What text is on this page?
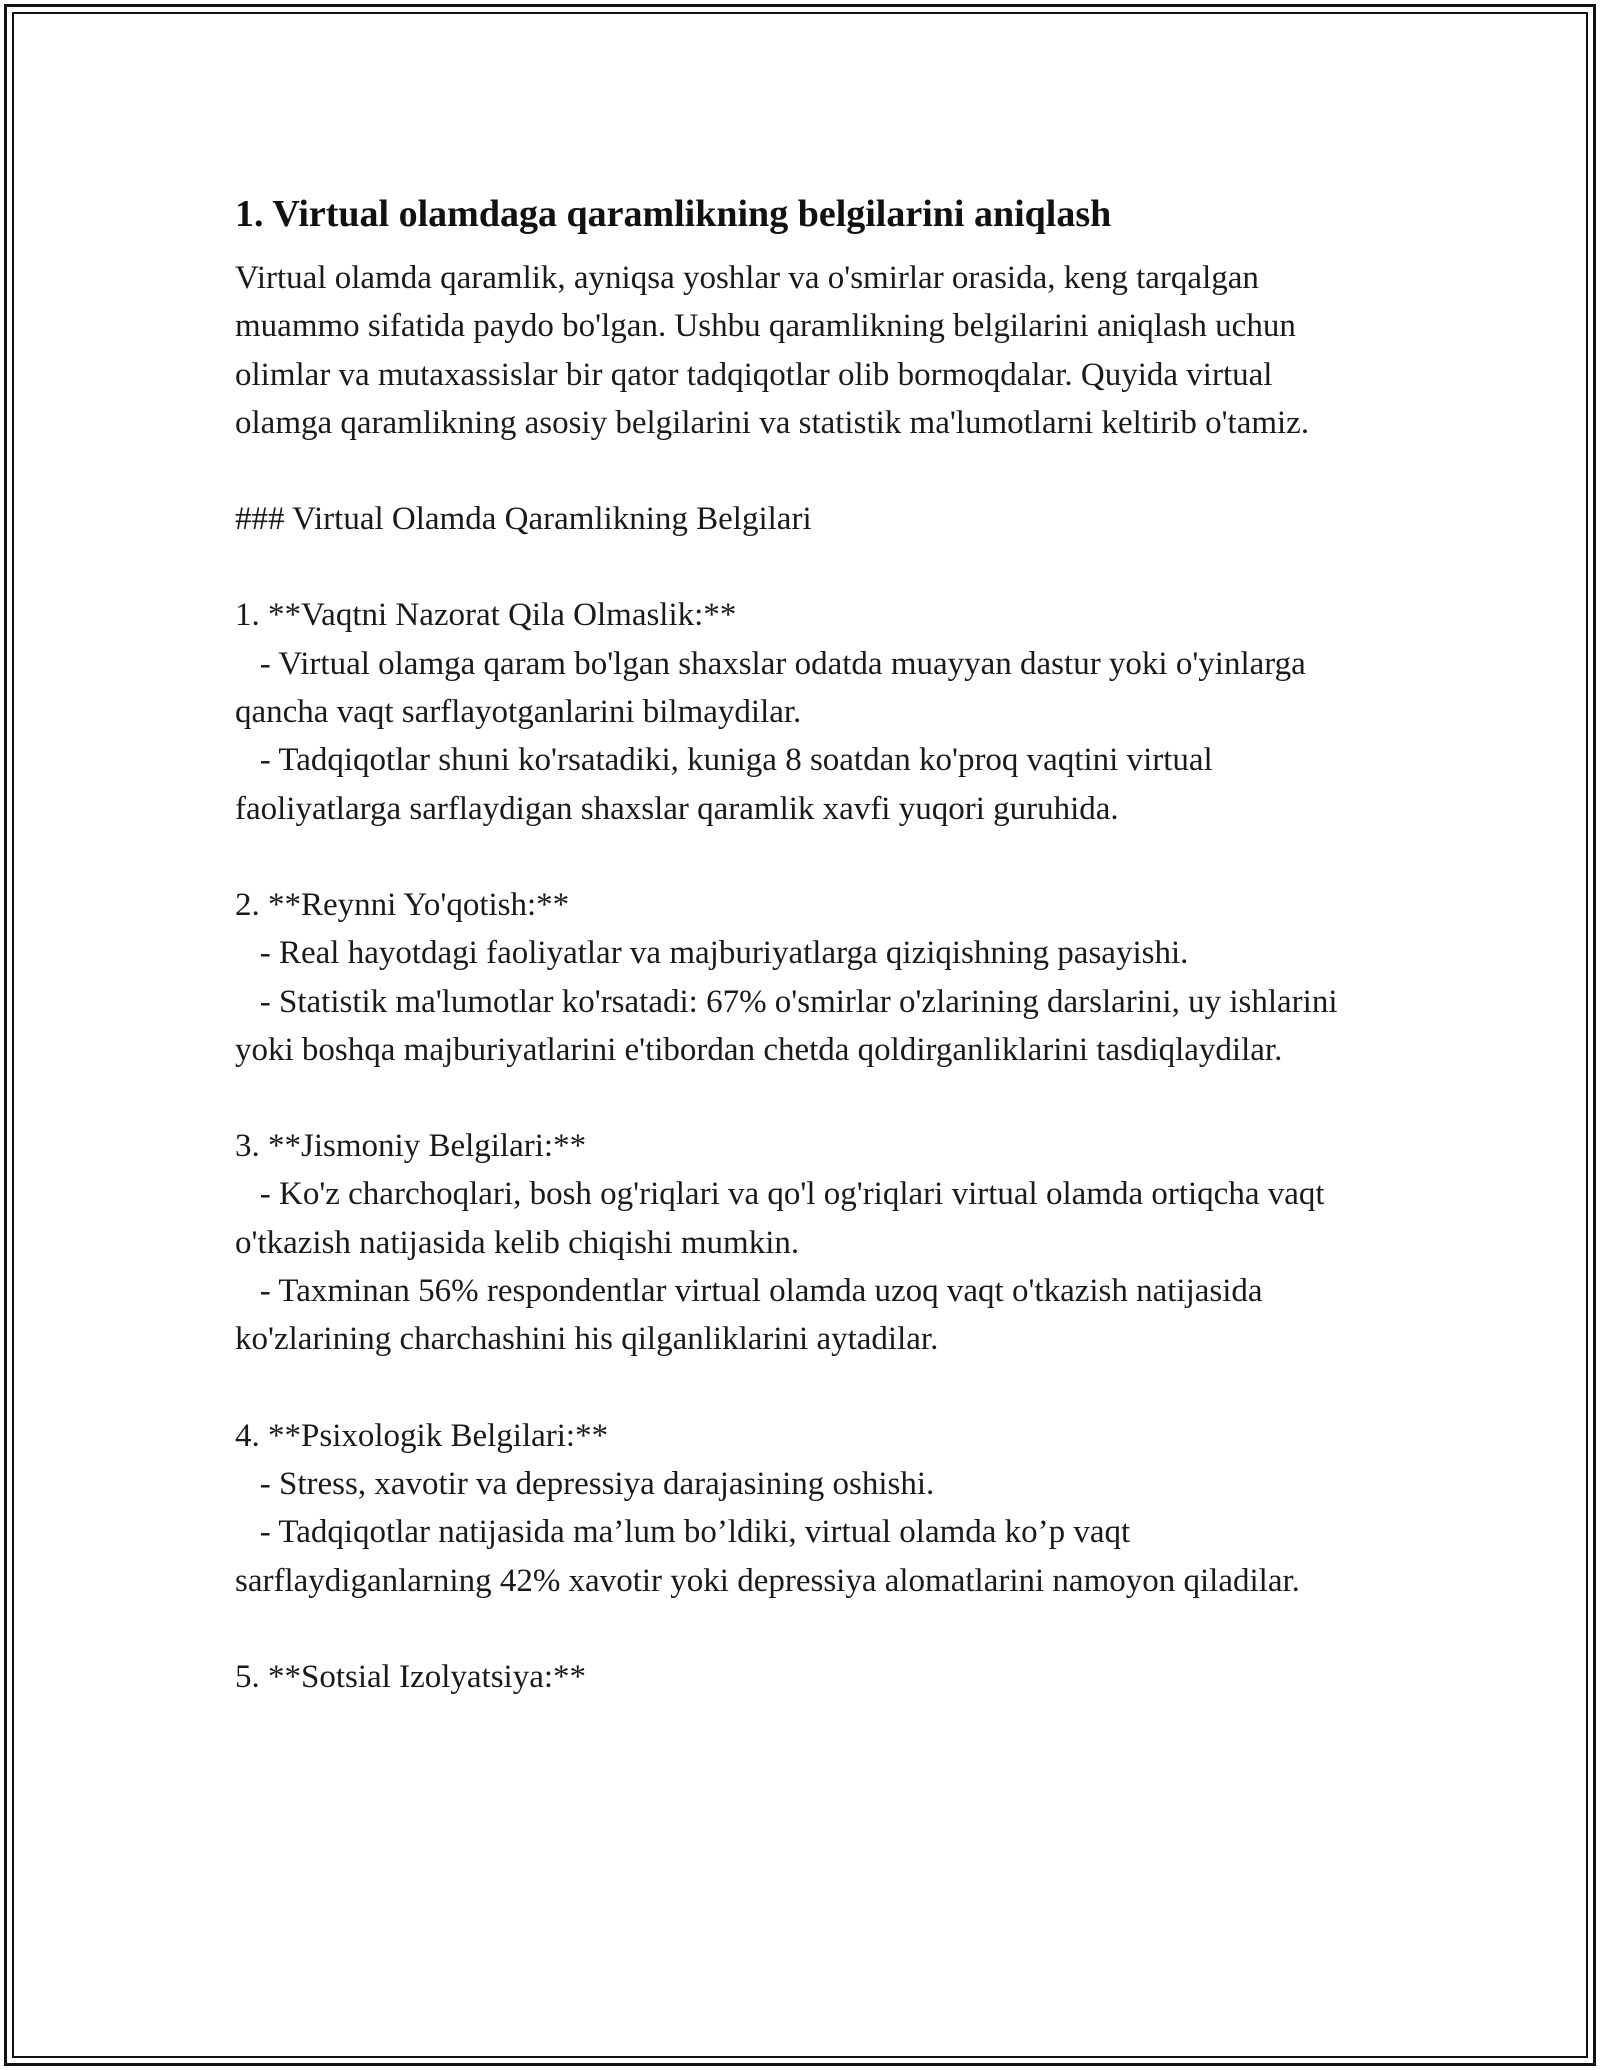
1. Virtual olamdaga qaramlikning belgilarini aniqlash

Virtual olamda qaramlik, ayniqsa yoshlar va o'smirlar orasida, keng tarqalgan muammo sifatida paydo bo'lgan. Ushbu qaramlikning belgilarini aniqlash uchun olimlar va mutaxassislar bir qator tadqiqotlar olib bormoqdalar. Quyida virtual olamga qaramlikning asosiy belgilarini va statistik ma'lumotlarni keltirib o'tamiz.

### Virtual Olamda Qaramlikning Belgilari

1. **Vaqtni Nazorat Qila Olmaslik:**

- Virtual olamga qaram bo'lgan shaxslar odatda muayyan dastur yoki o'yinlarga qancha vaqt sarflayotganlarini bilmaydilar.

- Tadqiqotlar shuni ko'rsatadiki, kuniga 8 soatdan ko'proq vaqtini virtual faoliyatlarga sarflaydigan shaxslar qaramlik xavfi yuqori guruhida.

2. **Reynni Yo'qotish:**

- Real hayotdagi faoliyatlar va majburiyatlarga qiziqishning pasayishi.

- Statistik ma'lumotlar ko'rsatadi: 67% o'smirlar o'zlarining darslarini, uy ishlarini yoki boshqa majburiyatlarini e'tibordan chetda qoldirganliklarini tasdiqlaydilar.

3. **Jismoniy Belgilari:**

- Ko'z charchoqlari, bosh og'riqlari va qo'l og'riqlari virtual olamda ortiqcha vaqt o'tkazish natijasida kelib chiqishi mumkin.

- Taxminan 56% respondentlar virtual olamda uzoq vaqt o'tkazish natijasida ko'zlarining charchashini his qilganliklarini aytadilar.

4. **Psixologik Belgilari:**

- Stress, xavotir va depressiya darajasining oshishi.

- Tadqiqotlar natijasida ma’lum bo’ldiki, virtual olamda ko’p vaqt sarflaydiganlarning 42% xavotir yoki depressiya alomatlarini namoyon qiladilar.

5. **Sotsial Izolyatsiya:**
